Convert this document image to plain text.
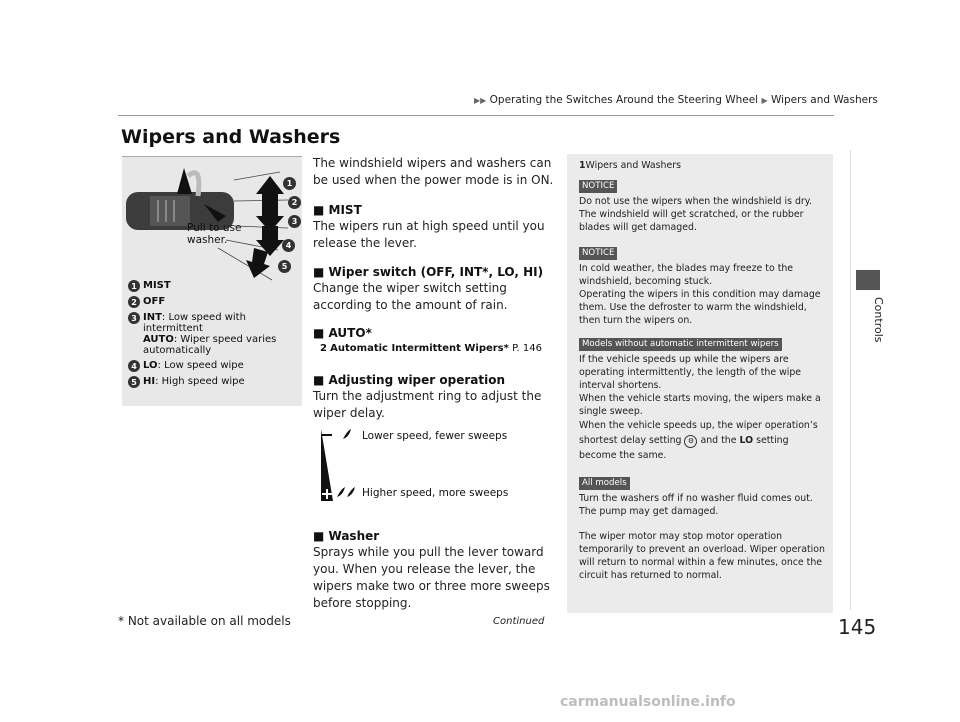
▶▶ Operating the Switches Around the Steering Wheel ▶ Wipers and Washers
Wipers and Washers
Controls
1
2
3
4
5
Pull to use washer.
1 MIST
2 OFF
3 INT: Low speed with intermittent
AUTO: Wiper speed varies automatically
4 LO: Low speed wipe
5 HI: High speed wipe
The windshield wipers and washers can be used when the power mode is in ON.
■ MIST
The wipers run at high speed until you release the lever.
■ Wiper switch (OFF, INT*, LO, HI)
Change the wiper switch setting according to the amount of rain.
■ AUTO*
2 Automatic Intermittent Wipers* P. 146
■ Adjusting wiper operation
Turn the adjustment ring to adjust the wiper delay.
Lower speed, fewer sweeps
Higher speed, more sweeps
■ Washer
Sprays while you pull the lever toward you. When you release the lever, the wipers make two or three more sweeps before stopping.
1Wipers and Washers
NOTICE
Do not use the wipers when the windshield is dry. The windshield will get scratched, or the rubber blades will get damaged.
NOTICE
In cold weather, the blades may freeze to the windshield, becoming stuck.
Operating the wipers in this condition may damage them. Use the defroster to warm the windshield, then turn the wipers on.
Models without automatic intermittent wipers
If the vehicle speeds up while the wipers are operating intermittently, the length of the wipe interval shortens.
When the vehicle starts moving, the wipers make a single sweep.
When the vehicle speeds up, the wiper operation’s shortest delay setting ⚙ and the LO setting become the same.
All models
Turn the washers off if no washer fluid comes out. The pump may get damaged.
The wiper motor may stop motor operation temporarily to prevent an overload. Wiper operation will return to normal within a few minutes, once the circuit has returned to normal.
* Not available on all models	Continued	145
carmanualsonline.info
